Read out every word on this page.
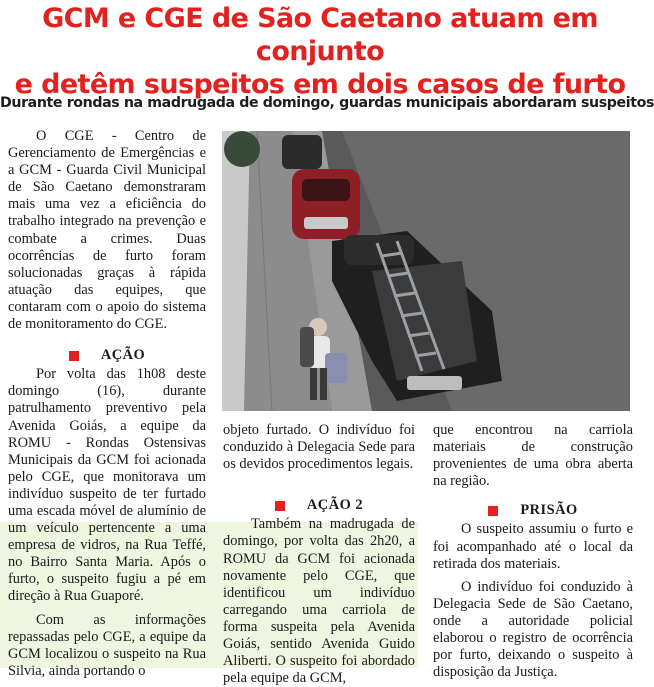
GCM e CGE de São Caetano atuam em conjunto
e detêm suspeitos em dois casos de furto
Durante rondas na madrugada de domingo, guardas municipais abordaram suspeitos

O CGE - Centro de Gerenciamento de Emergências e a GCM - Guarda Civil Municipal de São Caetano demonstraram mais uma vez a eficiência do trabalho integrado na prevenção e combate a crimes. Duas ocorrências de furto foram solucionadas graças à rápida atuação das equipes, que contaram com o apoio do sistema de monitoramento do CGE.

AÇÃO

Por volta das 1h08 deste domingo (16), durante patrulhamento preventivo pela Avenida Goiás, a equipe da ROMU - Rondas Ostensivas Municipais da GCM foi acionada pelo CGE, que monitorava um indivíduo suspeito de ter furtado uma escada móvel de alumínio de um veículo pertencente a uma empresa de vidros, na Rua Teffé, no Bairro Santa Maria. Após o furto, o suspeito fugiu a pé em direção à Rua Guaporé.

Com as informações repassadas pelo CGE, a equipe da GCM localizou o suspeito na Rua Silvia, ainda portando o

objeto furtado. O indivíduo foi conduzido à Delegacia Sede para os devidos procedimentos legais.

AÇÃO 2

Também na madrugada de domingo, por volta das 2h20, a ROMU da GCM foi acionada novamente pelo CGE, que identificou um indivíduo carregando uma carriola de forma suspeita pela Avenida Goiás, sentido Avenida Guido Aliberti. O suspeito foi abordado pela equipe da GCM,

que encontrou na carriola materiais de construção provenientes de uma obra aberta na região.

PRISÃO

O suspeito assumiu o furto e foi acompanhado até o local da retirada dos materiais.

O indivíduo foi conduzido à Delegacia Sede de São Caetano, onde a autoridade policial elaborou o registro de ocorrência por furto, deixando o suspeito à disposição da Justiça.
